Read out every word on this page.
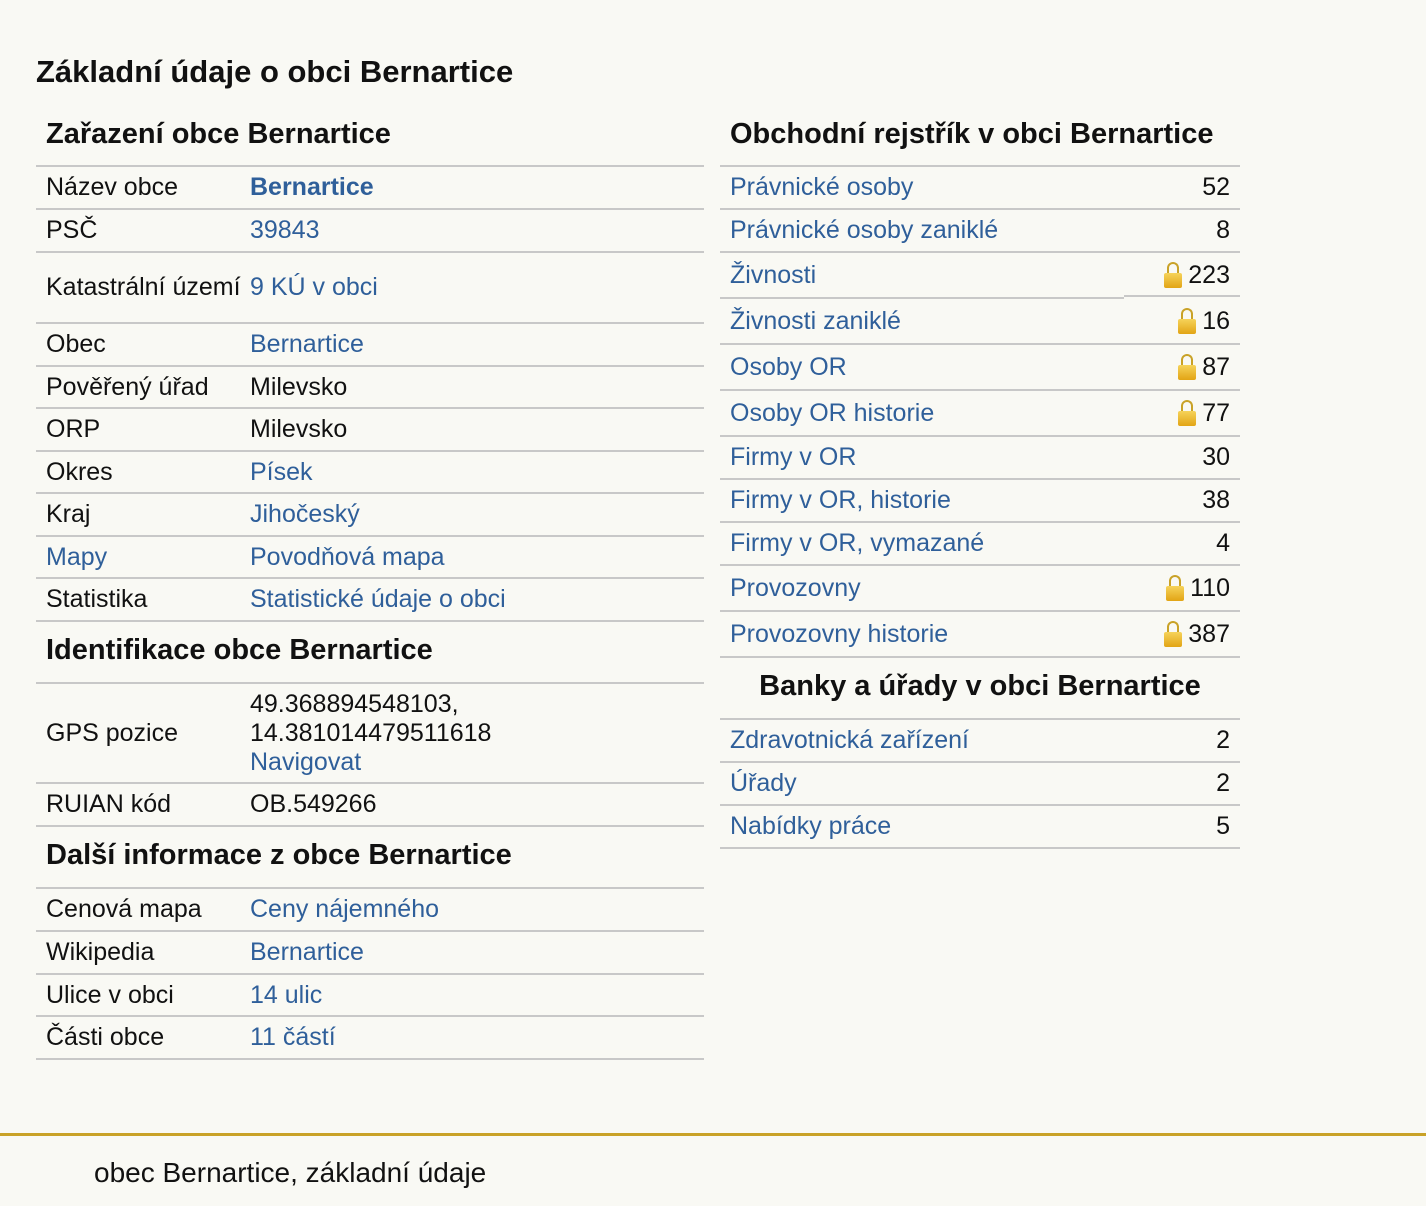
Základní údaje o obci Bernartice
Zařazení obce Bernartice
Název obce	Bernartice
PSČ	39843
Katastrální území 9 KÚ v obci
Obec	Bernartice
Pověřený úřad	Milevsko
ORP	Milevsko
Okres	Písek
Kraj	Jihočeský
Mapy	Povodňová mapa
Statistika	Statistické údaje o obci
Identifikace obce Bernartice
GPS pozice
49.368894548103,
14.381014479511618
Navigovat
RUIAN kód	OB.549266
Další informace z obce Bernartice
Cenová mapa	Ceny nájemného
Wikipedia	Bernartice
Ulice v obci	14 ulic
Části obce	11 částí
Obchodní rejstřík v obci Bernartice
Právnické osoby	52
Právnické osoby zaniklé	8
Živnosti	223
Živnosti zaniklé	16
Osoby OR	87
Osoby OR historie	77
Firmy v OR	30
Firmy v OR, historie	38
Firmy v OR, vymazané	4
Provozovny	110
Provozovny historie	387
Banky a úřady v obci Bernartice
Zdravotnická zařízení	2
Úřady	2
Nabídky práce	5
obec Bernartice, základní údaje
